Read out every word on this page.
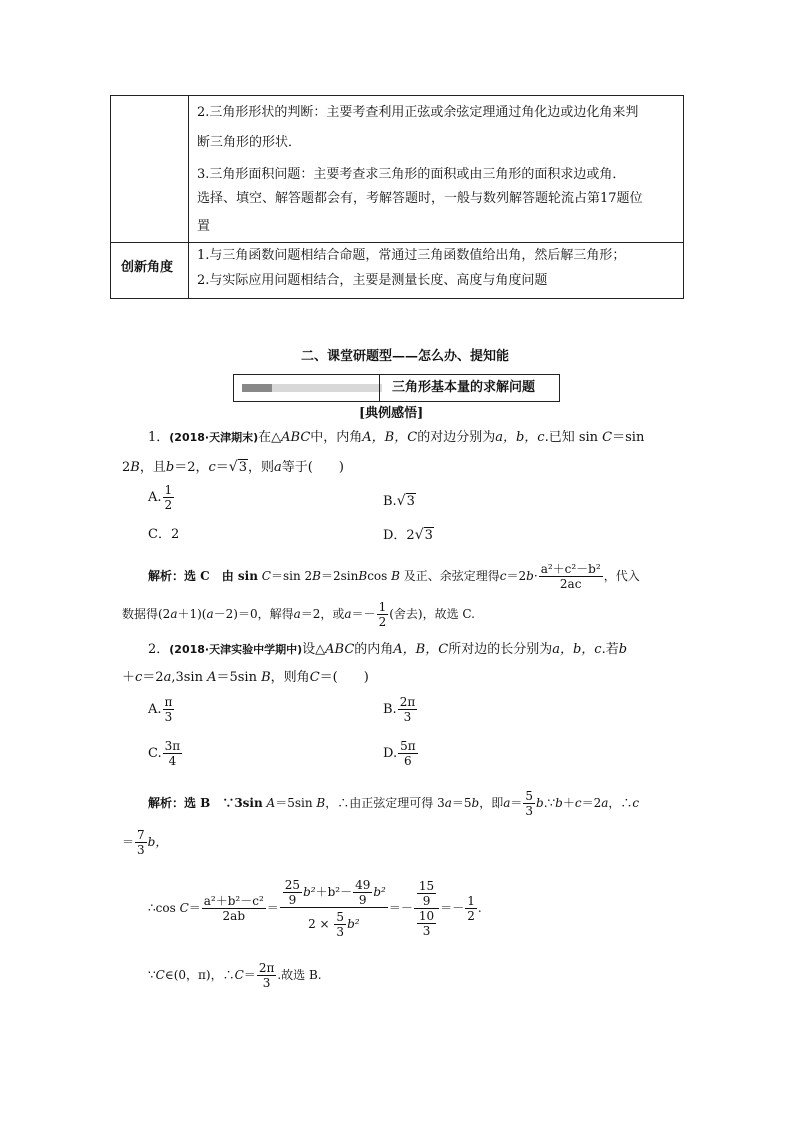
2.三角形形状的判断：主要考查利用正弦或余弦定理通过角化边或边化角来判
断三角形的形状．
3.三角形面积问题：主要考查求三角形的面积或由三角形的面积求边或角．
选择、填空、解答题都会有，考解答题时，一般与数列解答题轮流占第17题位
置
创新角度
1.与三角函数问题相结合命题，常通过三角函数值给出角，然后解三角形；
2.与实际应用问题相结合，主要是测量长度、高度与角度问题
二、课堂研题型——怎么办、提知能
三角形基本量的求解问题
[典例感悟]
1．(2018·天津期末)在△ABC中，内角A，B，C的对边分别为a，b，c.已知 sin C＝sin
2B，且b＝2，c＝√3，则a等于(　　)
A. $\frac{1}{2}$	B.√3
C．2	D．2√3
解析：选 C　由 sin C＝sin 2B＝2sinBcos B 及正、余弦定理得$c=2b\cdot \frac{\text{a²＋c²－b²}}{2ac}$ ，代入
数据得(2a＋1)(a－2)＝0，解得a＝2，或$a=- \frac{1}{2}$ (舍去)，故选 C.
2．(2018·天津实验中学期中)设△ABC的内角A，B，C所对边的长分别为a，b，c.若b
＋c＝2a,3sin A＝5sin B，则角C＝(　　)
A. $\frac{\pi}{3}$	B. $\frac{2\pi}{3}$
C. $\frac{3\pi}{4}$	D. $\frac{5\pi}{6}$
解析：选 B　∵3sin A＝5sin B，∴由正弦定理可得 3a＝5b，即$a= \frac{5}{3}$ b.∵b＋c＝2a，∴c
＝ $\frac{7}{3}$ b，
∴cos
$C = \frac{\text{a²＋b²－c²}}{2ab} = \frac{25}{9} b^2 +b^2- \frac{49}{9} b^2$
2 ×
$\frac{5}{3} b^2$ ＝ － $\frac{\frac{15}{9}}{\frac{10}{3}}$ ＝ － $\frac{1}{2}$ .
∵C∈(0，π)，∴C＝ $\frac{2\pi}{3}$ .故选 B.
